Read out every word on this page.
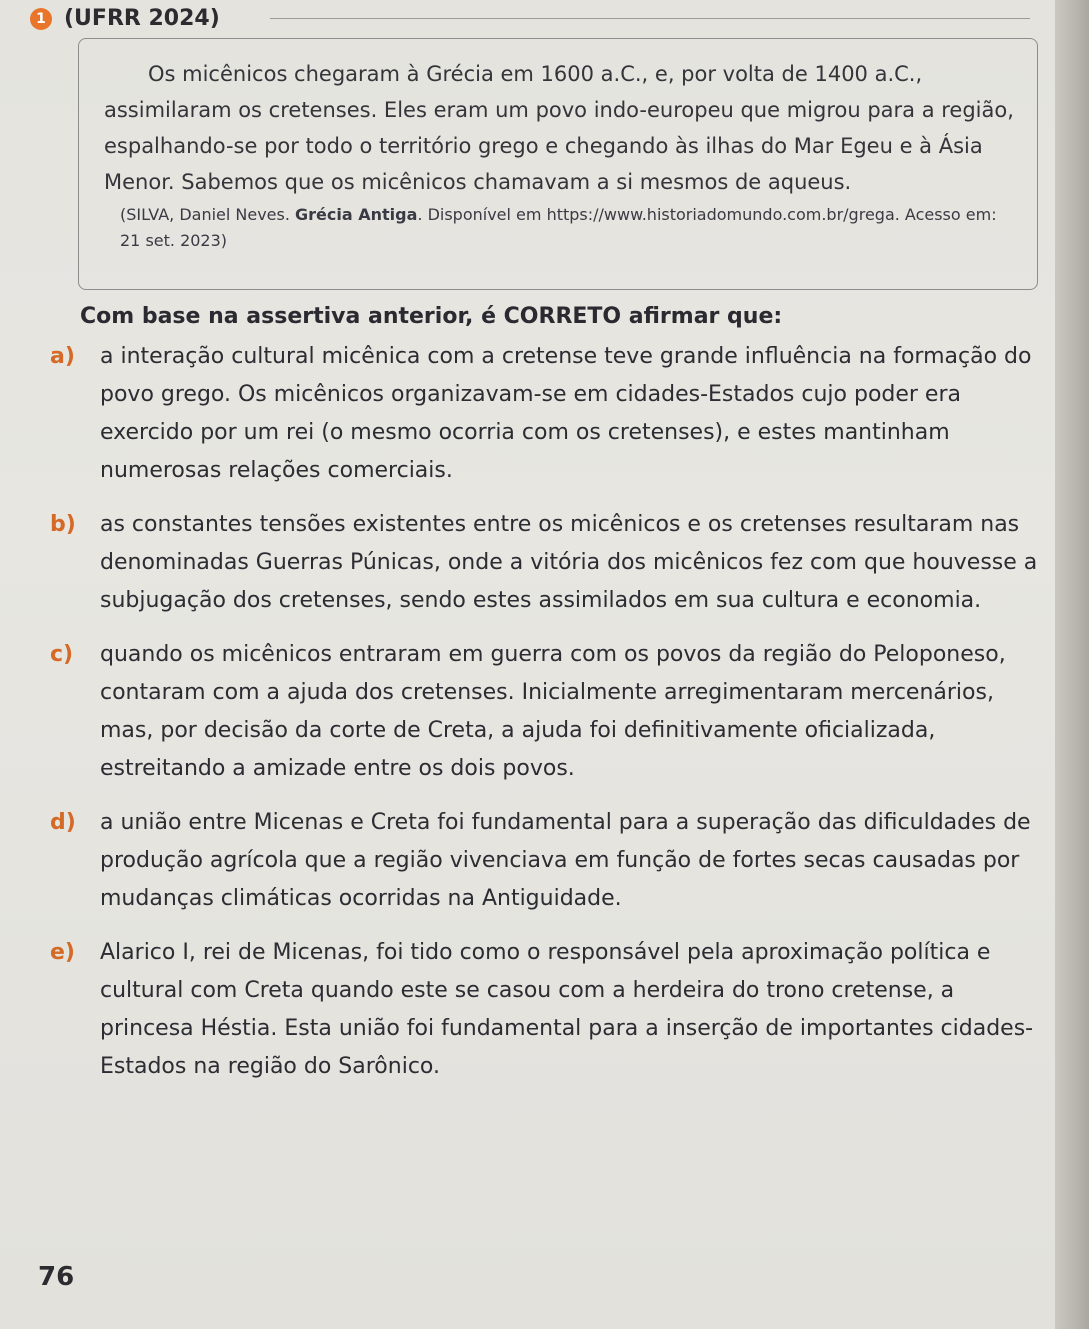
1 (UFRR 2024)

Os micênicos chegaram à Grécia em 1600 a.C., e, por volta de 1400 a.C., assimilaram os cretenses. Eles eram um povo indo-europeu que migrou para a região, espalhando-se por todo o território grego e chegando às ilhas do Mar Egeu e à Ásia Menor. Sabemos que os micênicos chamavam a si mesmos de aqueus.

(SILVA, Daniel Neves. Grécia Antiga. Disponível em https://www.historiadomundo.com.br/grega. Acesso em: 21 set. 2023)

Com base na assertiva anterior, é CORRETO afirmar que:

a) a interação cultural micênica com a cretense teve grande influência na formação do povo grego. Os micênicos organizavam-se em cidades-Estados cujo poder era exercido por um rei (o mesmo ocorria com os cretenses), e estes mantinham numerosas relações comerciais.

b) as constantes tensões existentes entre os micênicos e os cretenses resultaram nas denominadas Guerras Púnicas, onde a vitória dos micênicos fez com que houvesse a subjugação dos cretenses, sendo estes assimilados em sua cultura e economia.

c) quando os micênicos entraram em guerra com os povos da região do Peloponeso, contaram com a ajuda dos cretenses. Inicialmente arregimentaram mercenários, mas, por decisão da corte de Creta, a ajuda foi definitivamente oficializada, estreitando a amizade entre os dois povos.

d) a união entre Micenas e Creta foi fundamental para a superação das dificuldades de produção agrícola que a região vivenciava em função de fortes secas causadas por mudanças climáticas ocorridas na Antiguidade.

e) Alarico I, rei de Micenas, foi tido como o responsável pela aproximação política e cultural com Creta quando este se casou com a herdeira do trono cretense, a princesa Héstia. Esta união foi fundamental para a inserção de importantes cidades-Estados na região do Sarônico.

76
